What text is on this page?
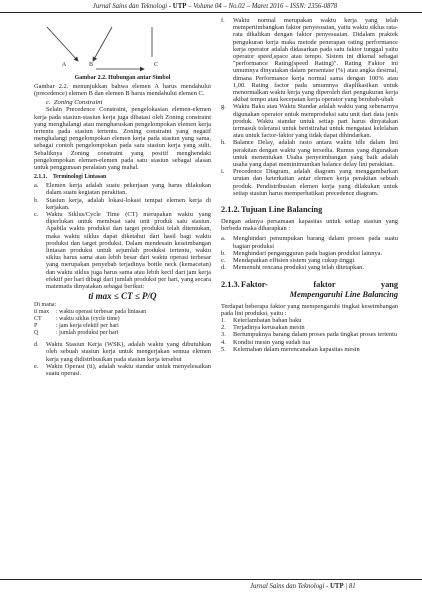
Jurnal Sains dan Teknologi - UTP – Volume 04 – No.02 – Maret 2016 – ISSN: 2356-0878
A	B	C
Gambar 2.2. Hubungan antar Simbol

Gambar 2.2. menunjukkan bahwa elemen A harus mendahului (precedence) elemen B dan elemen B harus mendahului elemen C.

c. Zoning Constraint

Selain Precedence Constraint, pengelokasian elemen-elemen kerja pada stasiun-stasiun kerja juga dibatasi oleh Zoning constraint yang menghalangi atau mengharuskan pengelompokan elemen kerja tertentu pada stasiun tertentu. Zoning constraint yang negatif menghalangi pengelompokan elemen kerja pada stasiun yang sama, sebagai contoh pengelompokan pada satu stasiun kerja yang sulit. Sebaliknya Zoning constraint yang positif menghendaki pengelompokan elemen-elemen pada satu stasiun sebagai alasan untuk penggunaan peralatan yang mahal.

2.1.1. Terminologi Lintasan
a.	Elemen kerja adalah suatu pekerjaan yang harus dilakukan dalam suatu kegiatan perakitan.
b.	Stasiun kerja, adalah lokasi-lokasi tempat elemen kerja di kerjakan.
c.	Waktu Siklus/Cycle Time (CT) merupakan waktu yang diperlukan untuk membuat satu unit produk satu stasiun. Apabila waktu produksi dan target produksi telah ditentukan, maka waktu siklus dapat diketahui dari hasil bagi waktu produksi dan target produksi. Dalam mendesain keseimbangan lintasan produksi untuk sejumlah produksi tertentu, waktu siklus harus sama atau lebih besar dari waktu operasi terbesar yang merupakan penyebab terjadinya bottle neck (kemacetan) dan waktu siklus juga harus sama atau lebih kecil dari jam kerja efektif per hari dibagi dari jumlah produksi per hari, yang secara matematis dinyatakan sebagai berikut:
ti max ≤ CT ≤ P/Q
Di mana:
ti max	: waktu operasi terbesar pada lintasan
CT	: waktu siklus (cycle time)
P	: jam kerja efektif per hari
Q	: jumlah produksi per hari
d.	Waktu Stasiun Kerja (WSK), adalah waktu yang dibutuhkan oleh sebuah stasiun kerja untuk mengerjakan semua elemen kerja yang didistribusikan pada stasiun kerja tersebut
e.	Waktu Operasi (ti), adalah waktu standar untuk menyelesaikan suatu operasi.
f.	Waktu normal merupakan waktu kerja yang telah mempertimbangkan faktor penyesuaian, yaitu waktu siklus rata-rata dikalikan dengan faktor penyesuaian. Didalam praktek pengukuran kerja maka metode penerapan rating performance kerja operator adalah didasarkan pada satu faktor tunggal yaitu operator speed,space atau tempo. Sistem ini dikenal sebagai "performance Rating(speed Rating)". Rating Faktor ini umumnya dinyatakan dalam persentase (%) atau angka desimal, dimana Performance kerja normal sama dengan 100% atau 1,00. Rating factor pada umumnya diaplikasikan untuk menormalkan waktu kerja yang diperoleh dari pengukuran kerja akibat tempo atau kecepatan kerja operator yang berubah-ubah
g.	Waktu Baku atau Waktu Standar adalah waktu yang sebenarnya digunakan operator untuk memproduksi satu unit dari data jenis produk. Waktu standar untuk setiap part harus dinyatakan termasuk toleransi untuk beristirahat untuk mengatasi kelelahan atau untuk factor-faktor yang tidak dapat dihindarkan.
h.	Balance Delay, adalah rasio antara waktu idle dalam lini perakitan dengan waktu yang tersedia. Rumus yang digunakan untuk menentukan Usaha penyeimbangan yang baik adalah usaha yang dapat meminimumkan balance delay lini perakitan.
i.	Precedence Diagram, adalah diagram yang menggambarkan urutan dan keterkaitan antar elemen kerja perakitan sebuah produk. Pendistribusian elemen kerja yang dilakukan untuk setiap stasiun harus memperhatikan precedence diagram.
2.1.2. Tujuan Line Balancing

Dengan adanya persamaan kapasitas untuk setiap stasiun yang berbeda maka diharapkan :

a.	Menghindari penumpukan barang dalam proses pada suatu bagian produksi
b.	Menghindari pengangguran pada bagian produksi lainnya.
c.	Mendapatkan effisien sistem yang cukup tinggi.
d.	Memenuhi rencana produksi yang telah ditetapkan.
2.1.3. Faktor- faktor yang
Mempengaruhi Line Balancing

Terdapat beberapa faktor yang mempengaruhi tingkat keseimbangan pada lini produksi, yaitu :

1.	Keterlambatan bahan baku
2.	Terjadinya kerusakan mesin
3.	Bertumpuknya barang dalam proses pada tingkat proses tertentu
4.	Kondisi mesin yang sudah tua
5.	Kelemahan dalam merencanakan kapasitas mesin
Jurnal Sains dan Teknologi - UTP | 81
